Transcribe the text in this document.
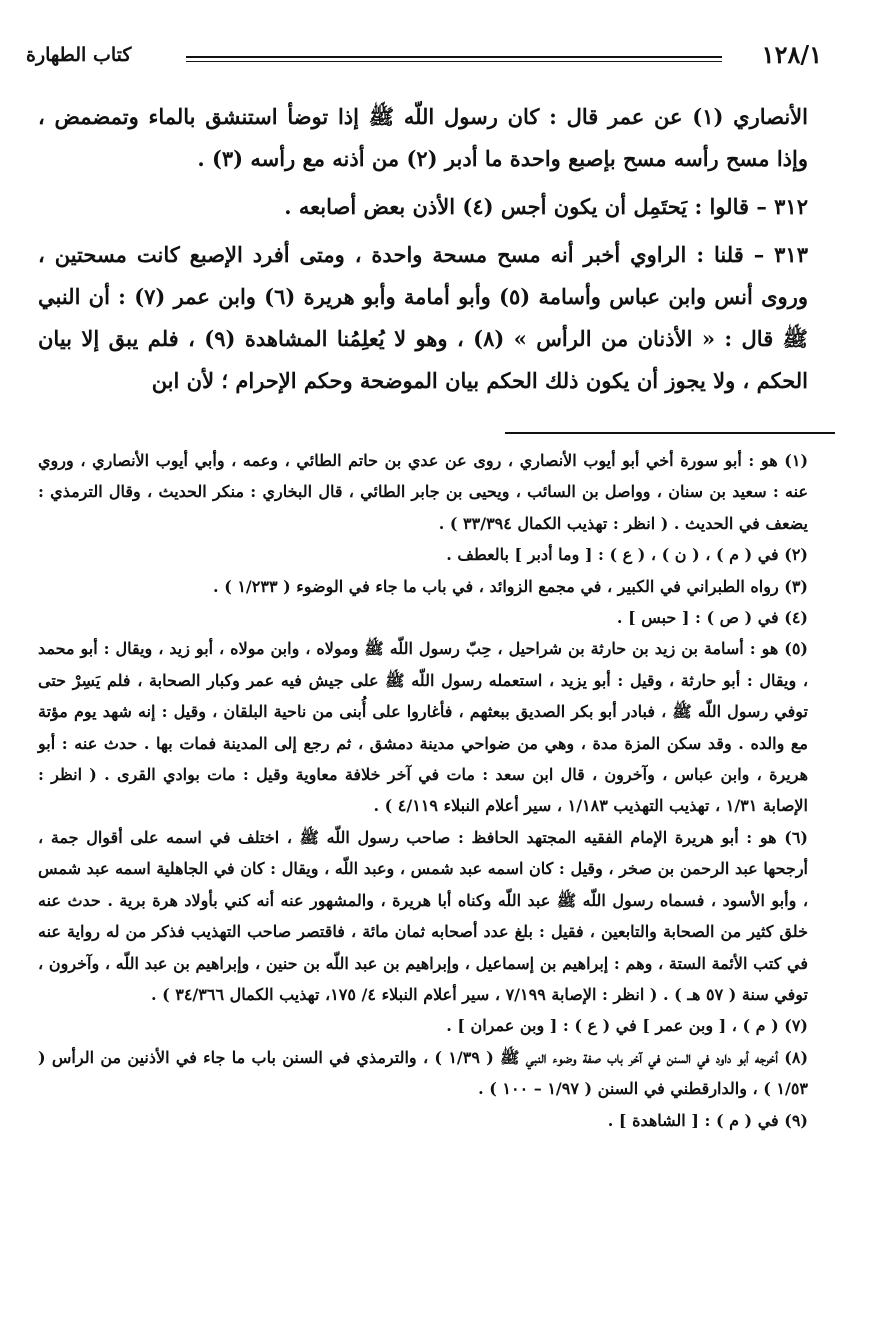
١٢٨/١
كتاب الطهارة

الأنصاري (١) عن عمر قال : كان رسول اللّه ﷺ إذا توضأ استنشق بالماء وتمضمض ، وإذا مسح رأسه مسح بإصبع واحدة ما أدبر (٢) من أذنه مع رأسه (٣) .

٣١٢ – قالوا : يَحتَمِل أن يكون أجس (٤) الأذن بعض أصابعه .

٣١٣ – قلنا : الراوي أخبر أنه مسح مسحة واحدة ، ومتى أفرد الإصبع كانت مسحتين ، وروى أنس وابن عباس وأسامة (٥) وأبو أمامة وأبو هريرة (٦) وابن عمر (٧) : أن النبي ﷺ قال : « الأذنان من الرأس » (٨) ، وهو لا يُعلِمُنا المشاهدة (٩) ، فلم يبق إلا بيان الحكم ، ولا يجوز أن يكون ذلك الحكم بيان الموضحة وحكم الإحرام ؛ لأن ابن

(١) هو : أبو سورة أخي أبو أيوب الأنصاري ، روى عن عدي بن حاتم الطائي ، وعمه ، وأبي أيوب الأنصاري ، وروي عنه : سعيد بن سنان ، وواصل بن السائب ، ويحيى بن جابر الطائي ، قال البخاري : منكر الحديث ، وقال الترمذي : يضعف في الحديث . ( انظر : تهذيب الكمال ٣٣/٣٩٤ ) .

(٢) في ( م ) ، ( ن ) ، ( ع ) : [ وما أدبر ] بالعطف .

(٣) رواه الطبراني في الكبير ، في مجمع الزوائد ، في باب ما جاء في الوضوء ( ١/٢٣٣ ) .

(٤) في ( ص ) : [ حبس ] .

(٥) هو : أسامة بن زيد بن حارثة بن شراحيل ، حِبّ رسول اللّه ﷺ ومولاه ، وابن مولاه ، أبو زيد ، ويقال : أبو محمد ، ويقال : أبو حارثة ، وقيل : أبو يزيد ، استعمله رسول اللّه ﷺ على جيش فيه عمر وكبار الصحابة ، فلم يَسِرْ حتى توفي رسول اللّه ﷺ ، فبادر أبو بكر الصديق ببعثهم ، فأغاروا على أُبنى من ناحية البلقان ، وقيل : إنه شهد يوم مؤتة مع والده . وقد سكن المزة مدة ، وهي من ضواحي مدينة دمشق ، ثم رجع إلى المدينة فمات بها . حدث عنه : أبو هريرة ، وابن عباس ، وآخرون ، قال ابن سعد : مات في آخر خلافة معاوية وقيل : مات بوادي القرى . ( انظر : الإصابة ١/٣١ ، تهذيب التهذيب ١/١٨٣ ، سير أعلام النبلاء ٤/١١٩ ) .

(٦) هو : أبو هريرة الإمام الفقيه المجتهد الحافظ : صاحب رسول اللّه ﷺ ، اختلف في اسمه على أقوال جمة ، أرجحها عبد الرحمن بن صخر ، وقيل : كان اسمه عبد شمس ، وعبد اللّه ، ويقال : كان في الجاهلية اسمه عبد شمس ، وأبو الأسود ، فسماه رسول اللّه ﷺ عبد اللّه وكناه أبا هريرة ، والمشهور عنه أنه كني بأولاد هرة برية . حدث عنه خلق كثير من الصحابة والتابعين ، فقيل : بلغ عدد أصحابه ثمان مائة ، فاقتصر صاحب التهذيب فذكر من له رواية عنه في كتب الأئمة الستة ، وهم : إبراهيم بن إسماعيل ، وإبراهيم بن عبد اللّه بن حنين ، وإبراهيم بن عبد اللّه ، وآخرون ، توفي سنة ( ٥٧ هـ ) . ( انظر : الإصابة ٧/١٩٩ ، سير أعلام النبلاء ٤/ ١٧٥، تهذيب الكمال ٣٤/٣٦٦ ) .

(٧) ( م ) ، [ وبن عمر ] في ( ع ) : [ وبن عمران ] .

(٨) أخرجه أبو داود في السنن في آخر باب صفة وضوء النبي ﷺ ( ١/٣٩ ) ، والترمذي في السنن باب ما جاء في الأذنين من الرأس ( ١/٥٣ ) ، والدارقطني في السنن ( ١/٩٧ – ١٠٠ ) .

(٩) في ( م ) : [ الشاهدة ] .
